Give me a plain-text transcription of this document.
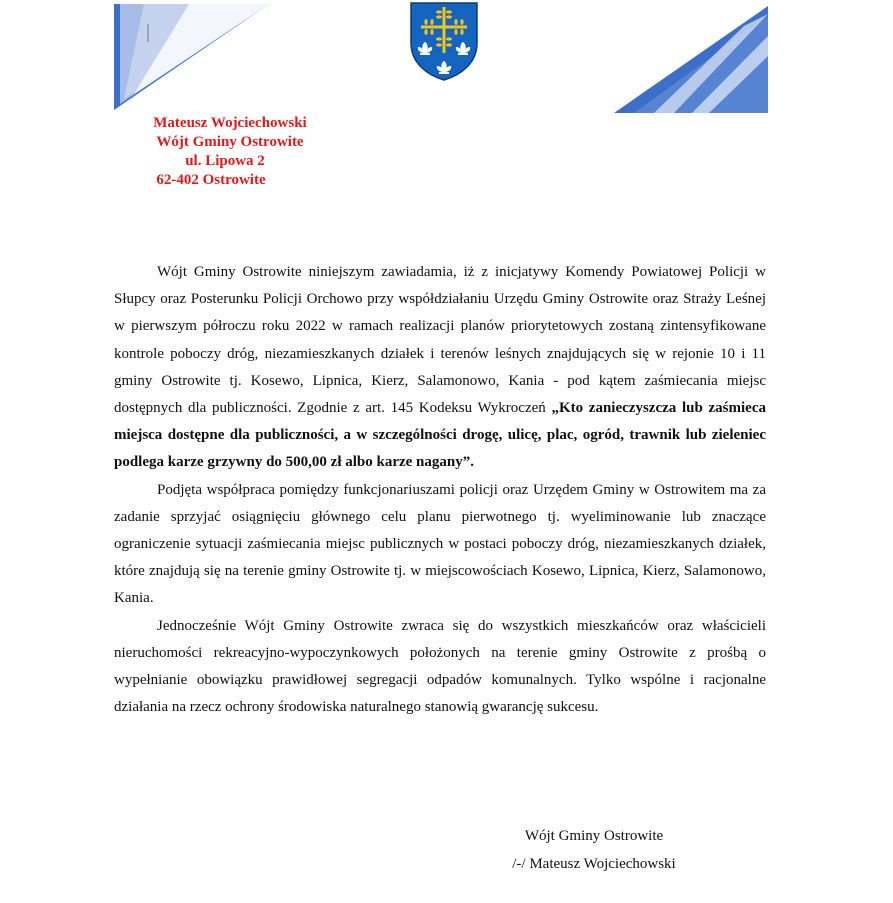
Mateusz Wojciechowski
Wójt Gminy Ostrowite
ul. Lipowa 2
62-402 Ostrowite

Wójt Gminy Ostrowite niniejszym zawiadamia, iż z inicjatywy Komendy Powiatowej Policji w Słupcy oraz Posterunku Policji Orchowo przy współdziałaniu Urzędu Gminy Ostrowite oraz Straży Leśnej w pierwszym półroczu roku 2022 w ramach realizacji planów priorytetowych zostaną zintensyfikowane kontrole poboczy dróg, niezamieszkanych działek i terenów leśnych znajdujących się w rejonie 10 i 11 gminy Ostrowite tj. Kosewo, Lipnica, Kierz, Salamonowo, Kania - pod kątem zaśmiecania miejsc dostępnych dla publiczności. Zgodnie z art. 145 Kodeksu Wykroczeń „Kto zanieczyszcza lub zaśmieca miejsca dostępne dla publiczności, a w szczególności drogę, ulicę, plac, ogród, trawnik lub zieleniec podlega karze grzywny do 500,00 zł albo karze nagany”.

Podjęta współpraca pomiędzy funkcjonariuszami policji oraz Urzędem Gminy w Ostrowitem ma za zadanie sprzyjać osiągnięciu głównego celu planu pierwotnego tj. wyeliminowanie lub znaczące ograniczenie sytuacji zaśmiecania miejsc publicznych w postaci poboczy dróg, niezamieszkanych działek, które znajdują się na terenie gminy Ostrowite tj. w miejscowościach Kosewo, Lipnica, Kierz, Salamonowo, Kania.

Jednocześnie Wójt Gminy Ostrowite zwraca się do wszystkich mieszkańców oraz właścicieli nieruchomości rekreacyjno-wypoczynkowych położonych na terenie gminy Ostrowite z prośbą o wypełnianie obowiązku prawidłowej segregacji odpadów komunalnych. Tylko wspólne i racjonalne działania na rzecz ochrony środowiska naturalnego stanowią gwarancję sukcesu.

Wójt Gminy Ostrowite
/-/ Mateusz Wojciechowski
